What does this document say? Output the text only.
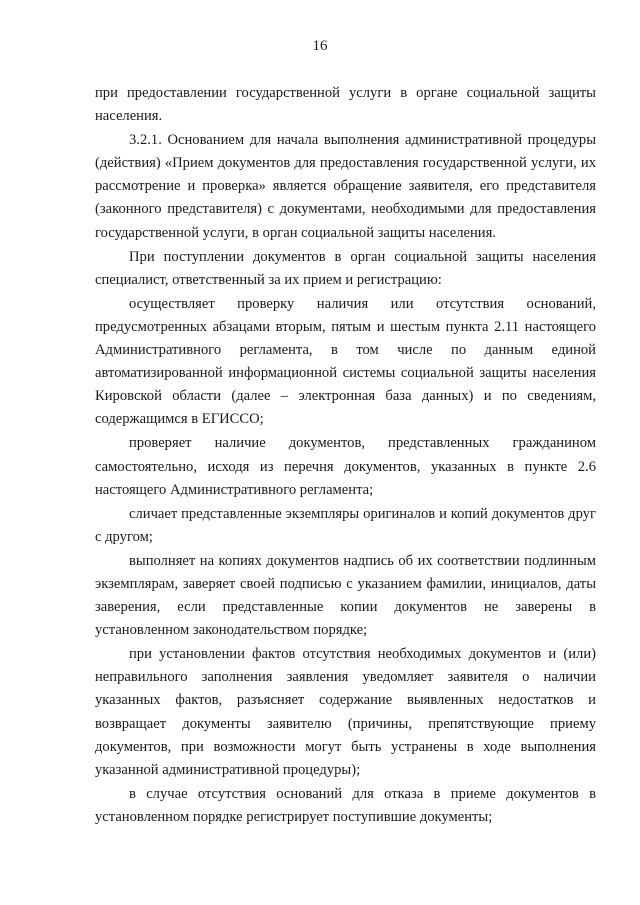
16

при предоставлении государственной услуги в органе социальной защиты населения.

3.2.1. Основанием для начала выполнения административной процедуры (действия) «Прием документов для предоставления государственной услуги, их рассмотрение и проверка» является обращение заявителя, его представителя (законного представителя) с документами, необходимыми для предоставления государственной услуги, в орган социальной защиты населения.

При поступлении документов в орган социальной защиты населения специалист, ответственный за их прием и регистрацию:

осуществляет проверку наличия или отсутствия оснований, предусмотренных абзацами вторым, пятым и шестым пункта 2.11 настоящего Административного регламента, в том числе по данным единой автоматизированной информационной системы социальной защиты населения Кировской области (далее – электронная база данных) и по сведениям, содержащимся в ЕГИССО;

проверяет наличие документов, представленных гражданином самостоятельно, исходя из перечня документов, указанных в пункте 2.6 настоящего Административного регламента;

сличает представленные экземпляры оригиналов и копий документов друг с другом;

выполняет на копиях документов надпись об их соответствии подлинным экземплярам, заверяет своей подписью с указанием фамилии, инициалов, даты заверения, если представленные копии документов не заверены в установленном законодательством порядке;

при установлении фактов отсутствия необходимых документов и (или) неправильного заполнения заявления уведомляет заявителя о наличии указанных фактов, разъясняет содержание выявленных недостатков и возвращает документы заявителю (причины, препятствующие приему документов, при возможности могут быть устранены в ходе выполнения указанной административной процедуры);

в случае отсутствия оснований для отказа в приеме документов в установленном порядке регистрирует поступившие документы;
